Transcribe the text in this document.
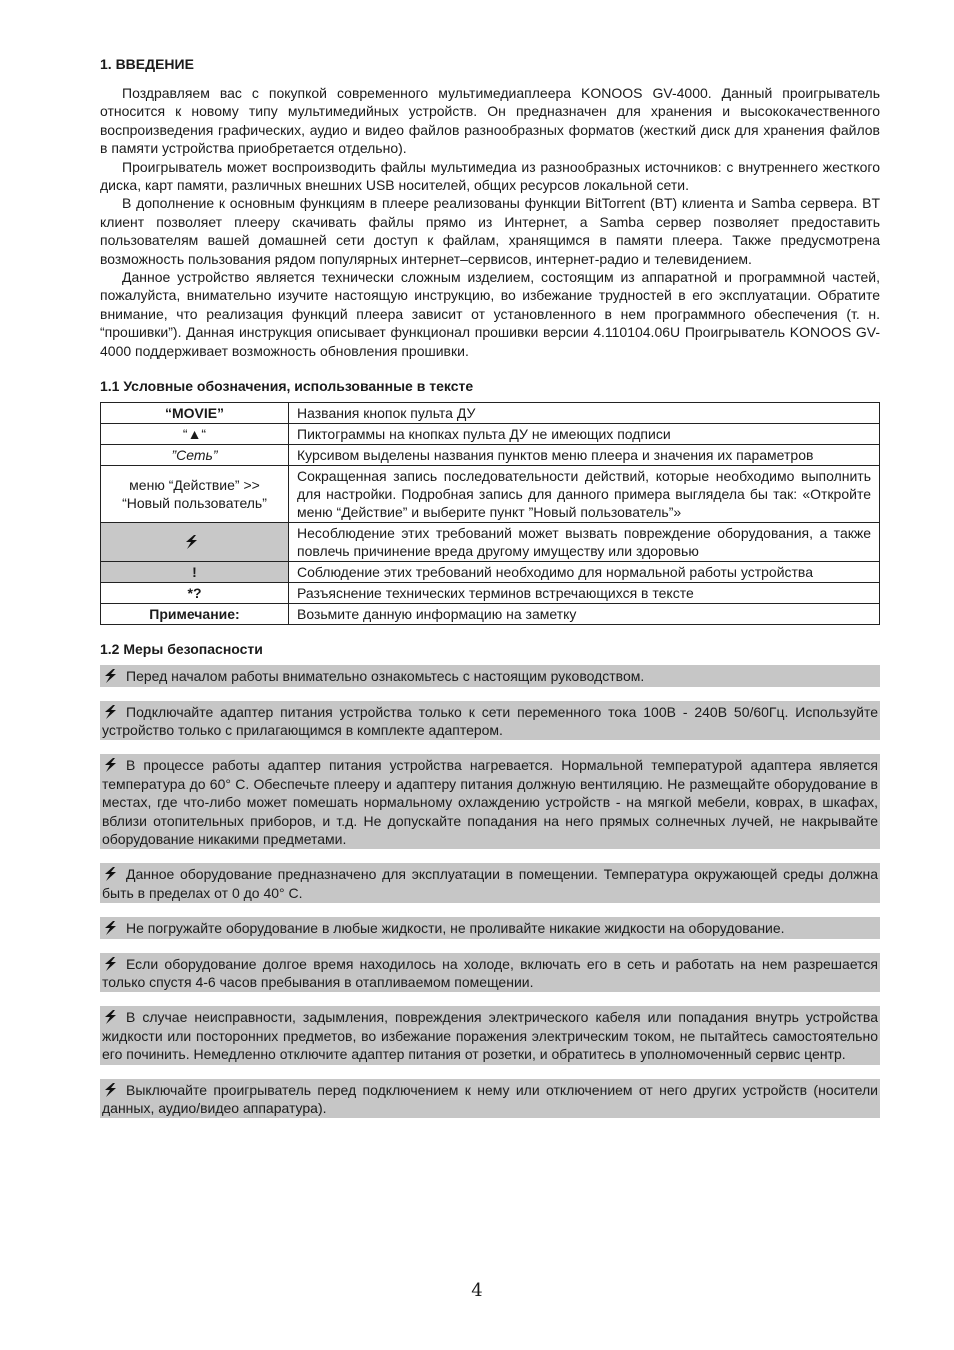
1. ВВЕДЕНИЕ

Поздравляем вас с покупкой современного мультимедиаплеера KONOOS GV-4000. Данный проигрыватель относится к новому типу мультимедийных устройств. Он предназначен для хранения и высококачественного воспроизведения графических, аудио и видео файлов разнообразных форматов (жесткий диск для хранения файлов в памяти устройства приобретается отдельно).

Проигрыватель может воспроизводить файлы мультимедиа из разнообразных источников: с внутреннего жесткого диска, карт памяти, различных внешних USB носителей, общих ресурсов локальной сети.

В дополнение к основным функциям в плеере реализованы функции BitTorrent (BT) клиента и Samba сервера. BT клиент позволяет плееру скачивать файлы прямо из Интернет, а Samba сервер позволяет предоставить пользователям вашей домашней сети доступ к файлам, хранящимся в памяти плеера. Также предусмотрена возможность пользования рядом популярных интернет–сервисов, интернет-радио и телевидением.

Данное устройство является технически сложным изделием, состоящим из аппаратной и программной частей, пожалуйста, внимательно изучите настоящую инструкцию, во избежание трудностей в его эксплуатации. Обратите внимание, что реализация функций плеера зависит от установленного в нем программного обеспечения (т. н. “прошивки”). Данная инструкция описывает функционал прошивки версии 4.110104.06U Проигрыватель KONOOS GV-4000 поддерживает возможность обновления прошивки.

1.1 Условные обозначения, использованные в тексте
“MOVIE”	Названия кнопок пульта ДУ
“▲“	Пиктограммы на кнопках пульта ДУ не имеющих подписи
”Сеть”	Курсивом выделены названия пунктов меню плеера и значения их параметров
меню “Действие” >> “Новый пользователь”	Сокращенная запись последовательности действий, которые необходимо выполнить для настройки. Подробная запись для данного примера выглядела бы так: «Откройте меню “Действие” и выберите пункт ”Новый пользователь”»
	Несоблюдение этих требований может вызвать повреждение оборудования, а также повлечь причинение вреда другому имуществу или здоровью
!	Соблюдение этих требований необходимо для нормальной работы устройства
*?	Разъяснение технических терминов встречающихся в тексте
Примечание:	Возьмите данную информацию на заметку
1.2 Меры безопасности
Перед началом работы внимательно ознакомьтесь с настоящим руководством.
Подключайте адаптер питания устройства только к сети переменного тока 100В - 240В 50/60Гц. Используйте устройство только с прилагающимся в комплекте адаптером.
В процессе работы адаптер питания устройства нагревается. Нормальной температурой адаптера является температура до 60° С. Обеспечьте плееру и адаптеру питания должную вентиляцию. Не размещайте оборудование в местах, где что-либо может помешать нормальному охлаждению устройств - на мягкой мебели, коврах, в шкафах, вблизи отопительных приборов, и т.д. Не допускайте попадания на него прямых солнечных лучей, не накрывайте оборудование никакими предметами.
Данное оборудование предназначено для эксплуатации в помещении. Температура окружающей среды должна быть в пределах от 0 до 40° С.
Не погружайте оборудование в любые жидкости, не проливайте никакие жидкости на оборудование.
Если оборудование долгое время находилось на холоде, включать его в сеть и работать на нем разрешается только спустя 4-6 часов пребывания в отапливаемом помещении.
В случае неисправности, задымления, повреждения электрического кабеля или попадания внутрь устройства жидкости или посторонних предметов, во избежание поражения электрическим током, не пытайтесь самостоятельно его починить. Немедленно отключите адаптер питания от розетки, и обратитесь в уполномоченный сервис центр.
Выключайте проигрыватель перед подключением к нему или отключением от него других устройств (носители данных, аудио/видео аппаратура).
4
